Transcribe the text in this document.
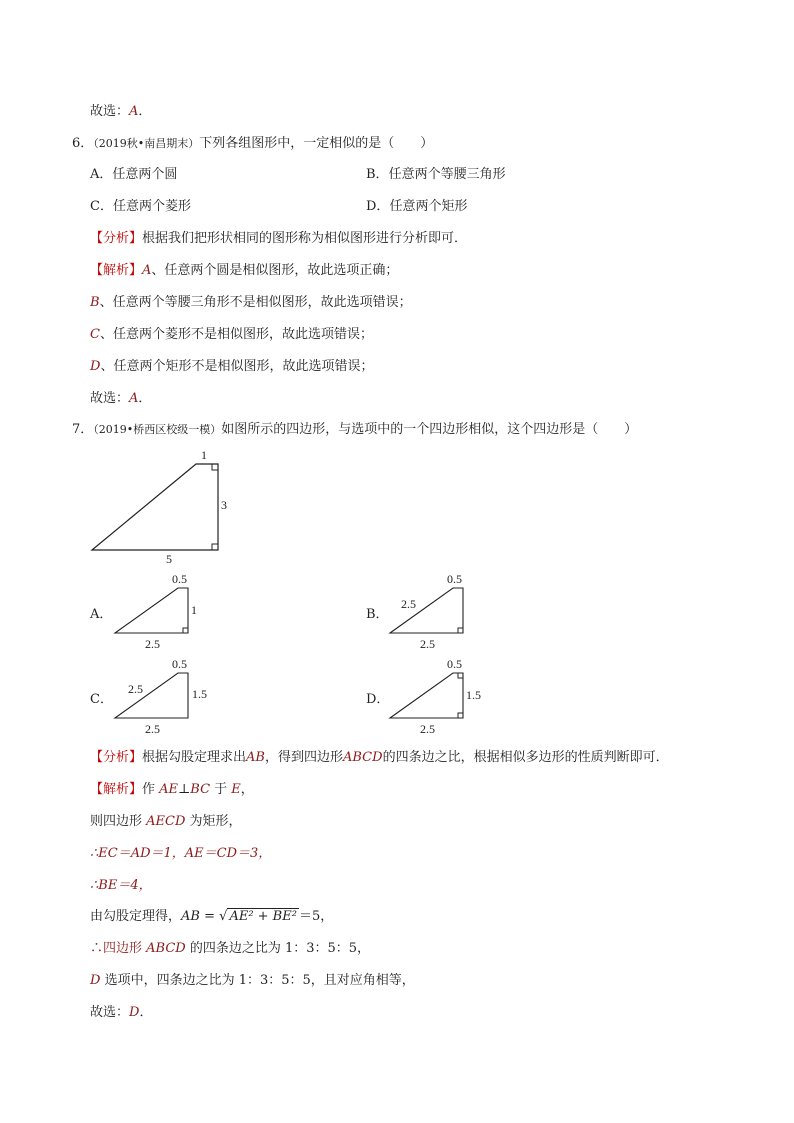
故选：A．
6．（2019秋•南昌期末）下列各组图形中，一定相似的是（　　）
A．任意两个圆	B．任意两个等腰三角形
C．任意两个菱形	D．任意两个矩形
【分析】根据我们把形状相同的图形称为相似图形进行分析即可．
【解析】A、任意两个圆是相似图形，故此选项正确；
B、任意两个等腰三角形不是相似图形，故此选项错误；
C、任意两个菱形不是相似图形，故此选项错误；
D、任意两个矩形不是相似图形，故此选项错误；
故选：A．
7．（2019•桥西区校级一模）如图所示的四边形，与选项中的一个四边形相似，这个四边形是（　　）
1
3
5
A．
0.5
1
2.5
B．
0.5
2.5
2.5
C．
0.5
2.5	1.5
2.5
D．
0.5
1.5
2.5
【分析】根据勾股定理求出AB，得到四边形ABCD的四条边之比，根据相似多边形的性质判断即可．
【解析】作 AE⊥BC 于 E，
则四边形 AECD 为矩形，
∴EC＝AD＝1，AE＝CD＝3，
∴BE＝4，
由勾股定理得，AB = √ AE² + BE² ＝5，
∴四边形 ABCD 的四条边之比为 1：3：5：5，
D 选项中，四条边之比为 1：3：5：5，且对应角相等，
故选：D．
